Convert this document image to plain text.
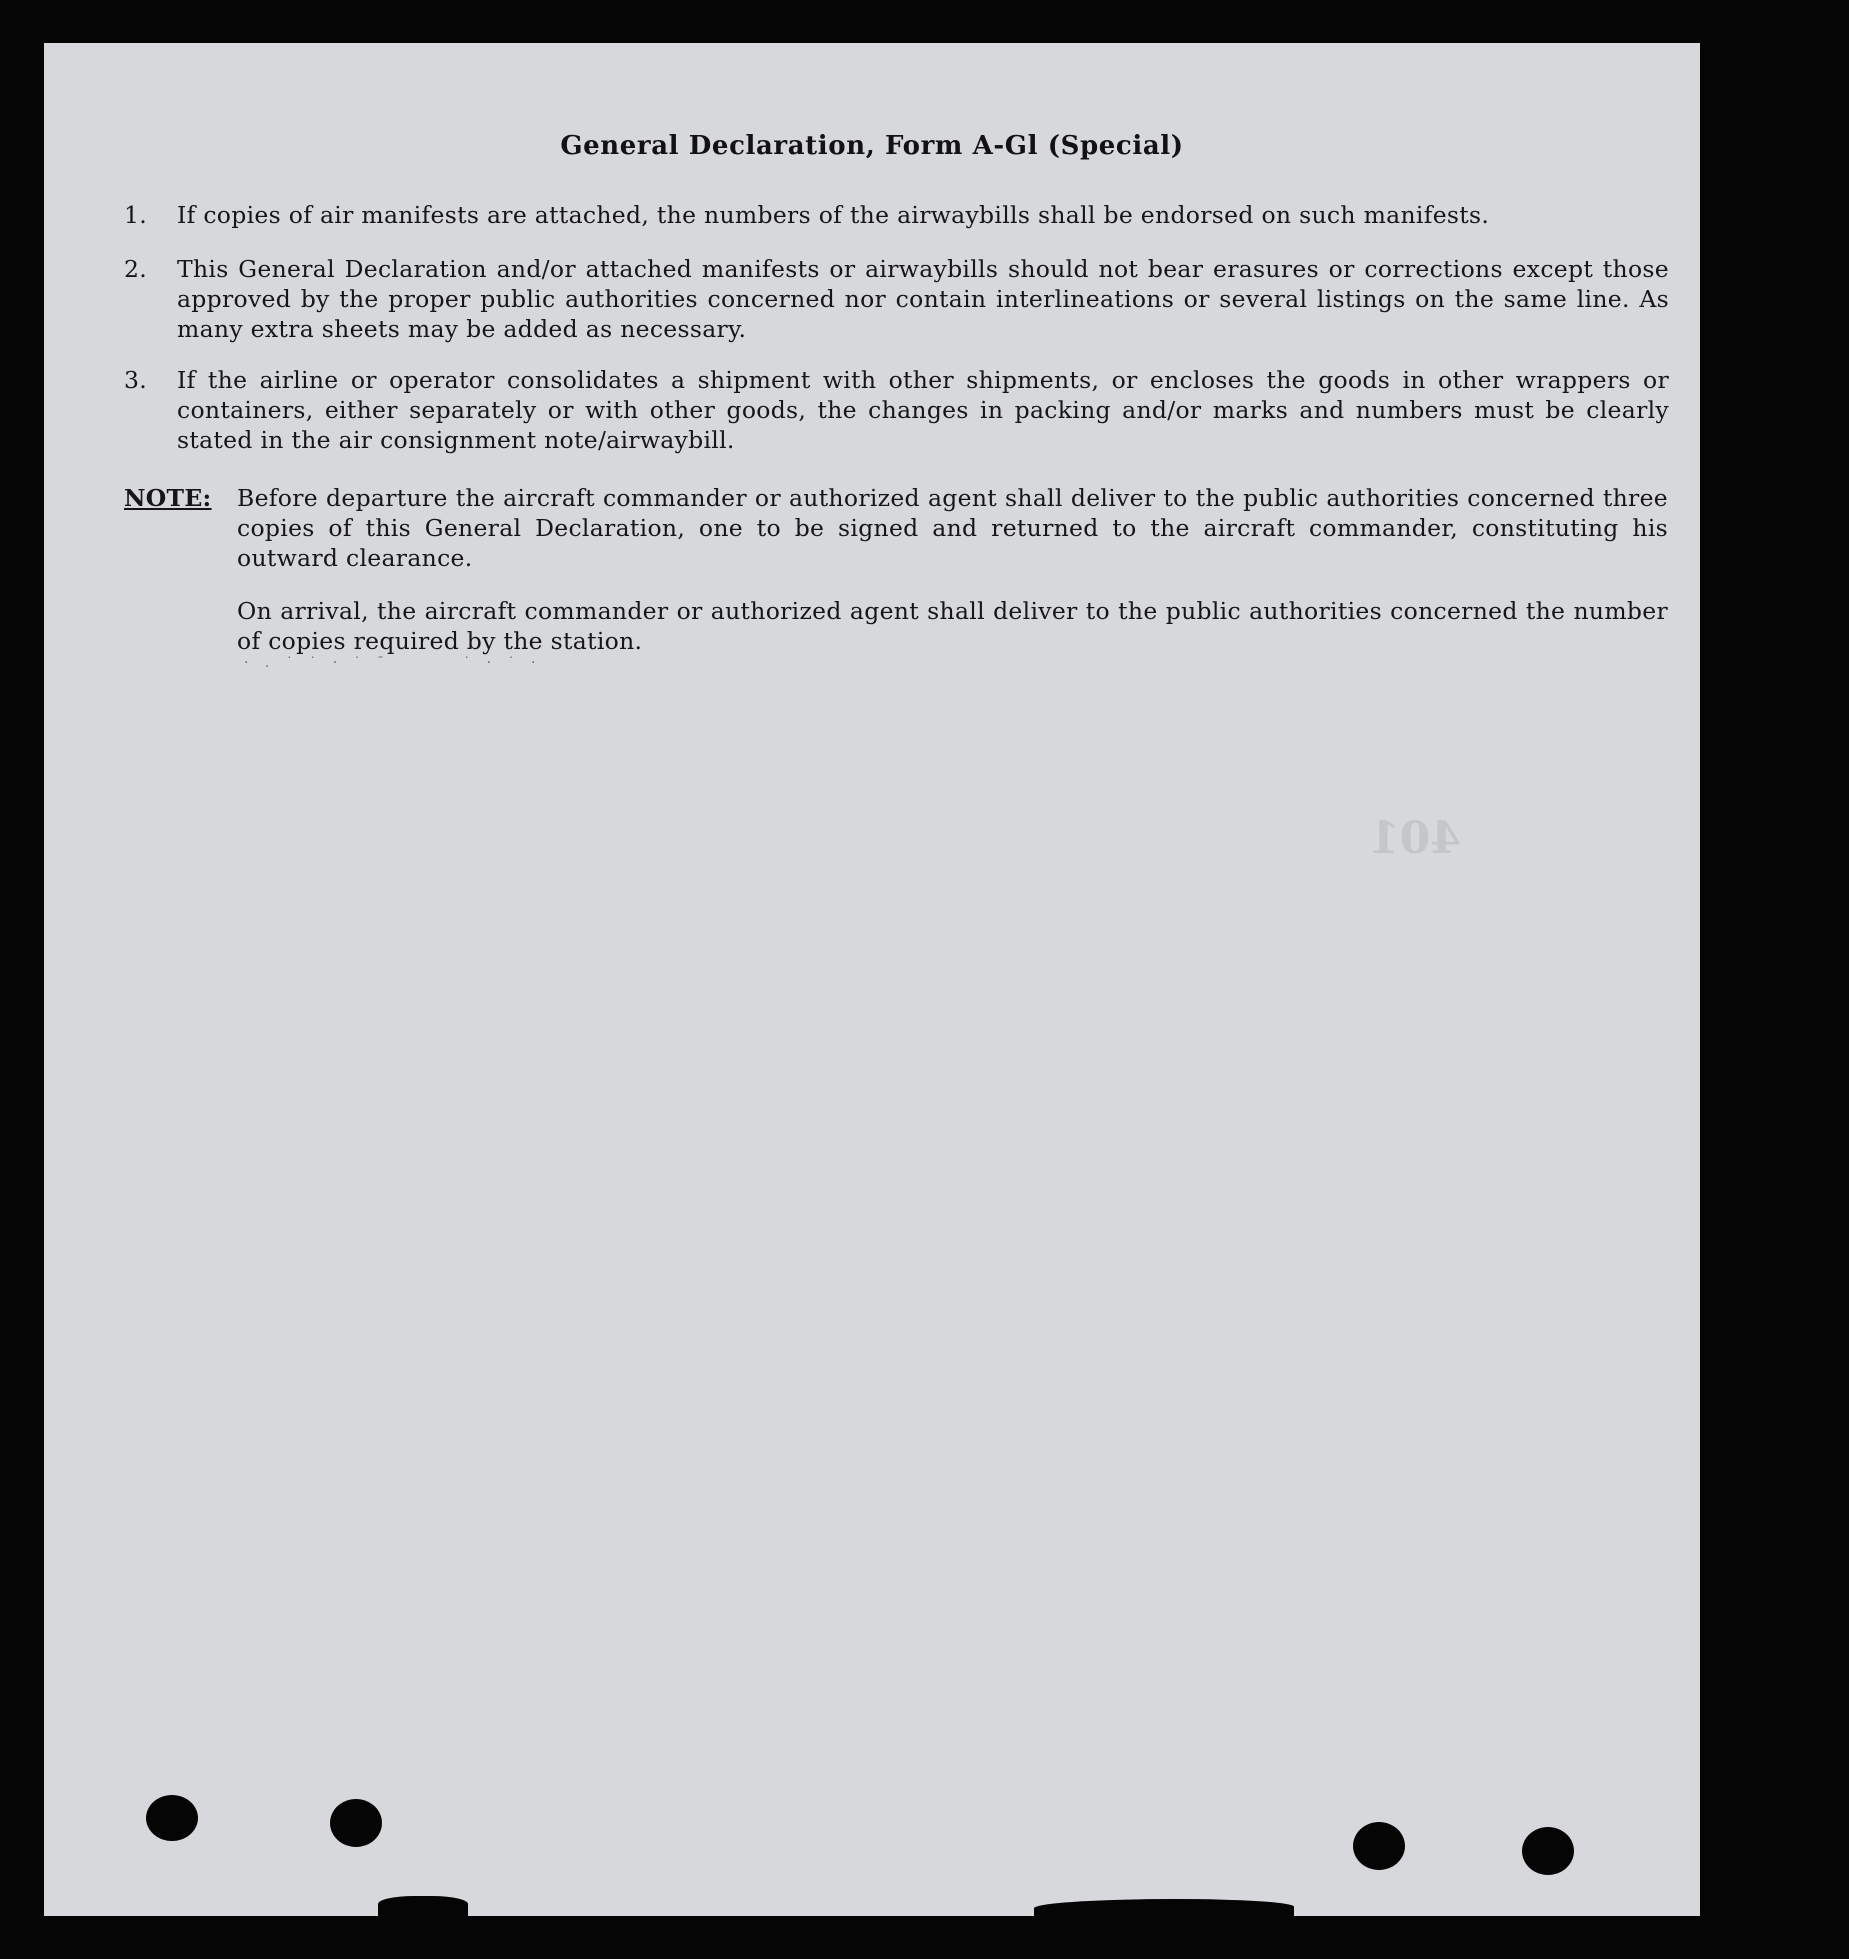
General Declaration, Form A-Gl (Special)
1.	If copies of air manifests are attached, the numbers of the airwaybills shall be endorsed on such manifests.
2.	This General Declaration and/or attached manifests or airwaybills should not bear erasures or corrections except those approved by the proper public authorities concerned nor contain interlineations or several listings on the same line. As many extra sheets may be added as necessary.
3.	If the airline or operator consolidates a shipment with other shipments, or encloses the goods in other wrappers or containers, either separately or with other goods, the changes in packing and/or marks and numbers must be clearly stated in the air consignment note/airwaybill.
NOTE: Before departure the aircraft commander or authorized agent shall deliver to the public authorities concerned three copies of this General Declaration, one to be signed and returned to the aircraft commander, constituting his outward clearance.
On arrival, the aircraft commander or authorized agent shall deliver to the public authorities concerned the number of copies required by the station.
· . ˙ ˙ · ˙ ˉ       ˙ · ˙ ·
401
